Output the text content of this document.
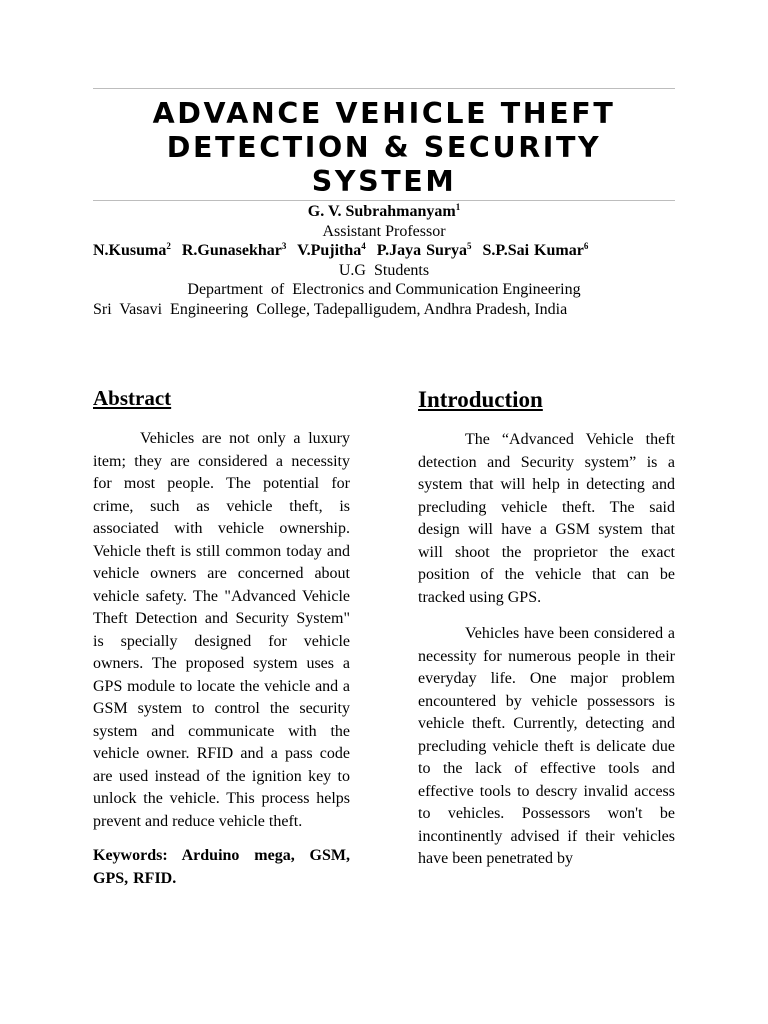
ADVANCE VEHICLE THEFT
DETECTION & SECURITY
SYSTEM
G. V. Subrahmanyam$^1$
Assistant Professor
N.Kusuma$^2$ R.Gunasekhar$^3$ V.Pujitha$^4$ P.Jaya Surya$^5$ S.P.Sai Kumar$^6$
U.G  Students
Department  of  Electronics and Communication Engineering
Sri  Vasavi  Engineering  College, Tadepalligudem, Andhra Pradesh, India
Abstract

Vehicles are not only a luxury item; they are considered a necessity for most people. The potential for crime, such as vehicle theft, is associated with vehicle ownership. Vehicle theft is still common today and vehicle owners are concerned about vehicle safety. The "Advanced Vehicle Theft Detection and Security System" is specially designed for vehicle owners. The proposed system uses a GPS module to locate the vehicle and a GSM system to control the security system and communicate with the vehicle owner. RFID and a pass code are used instead of the ignition key to unlock the vehicle. This process helps prevent and reduce vehicle theft.

Keywords: Arduino mega, GSM, GPS, RFID.

Introduction

The “Advanced Vehicle theft detection and Security system” is a system that will help in detecting and precluding vehicle theft. The said design will have a GSM system that will shoot the proprietor the exact position of the vehicle that can be tracked using GPS.

Vehicles have been considered a necessity for numerous people in their everyday life. One major problem encountered by vehicle possessors is vehicle theft. Currently, detecting and precluding vehicle theft is delicate due to the lack of effective tools and effective tools to descry invalid access to vehicles. Possessors won't be incontinently advised if their vehicles have been penetrated by
